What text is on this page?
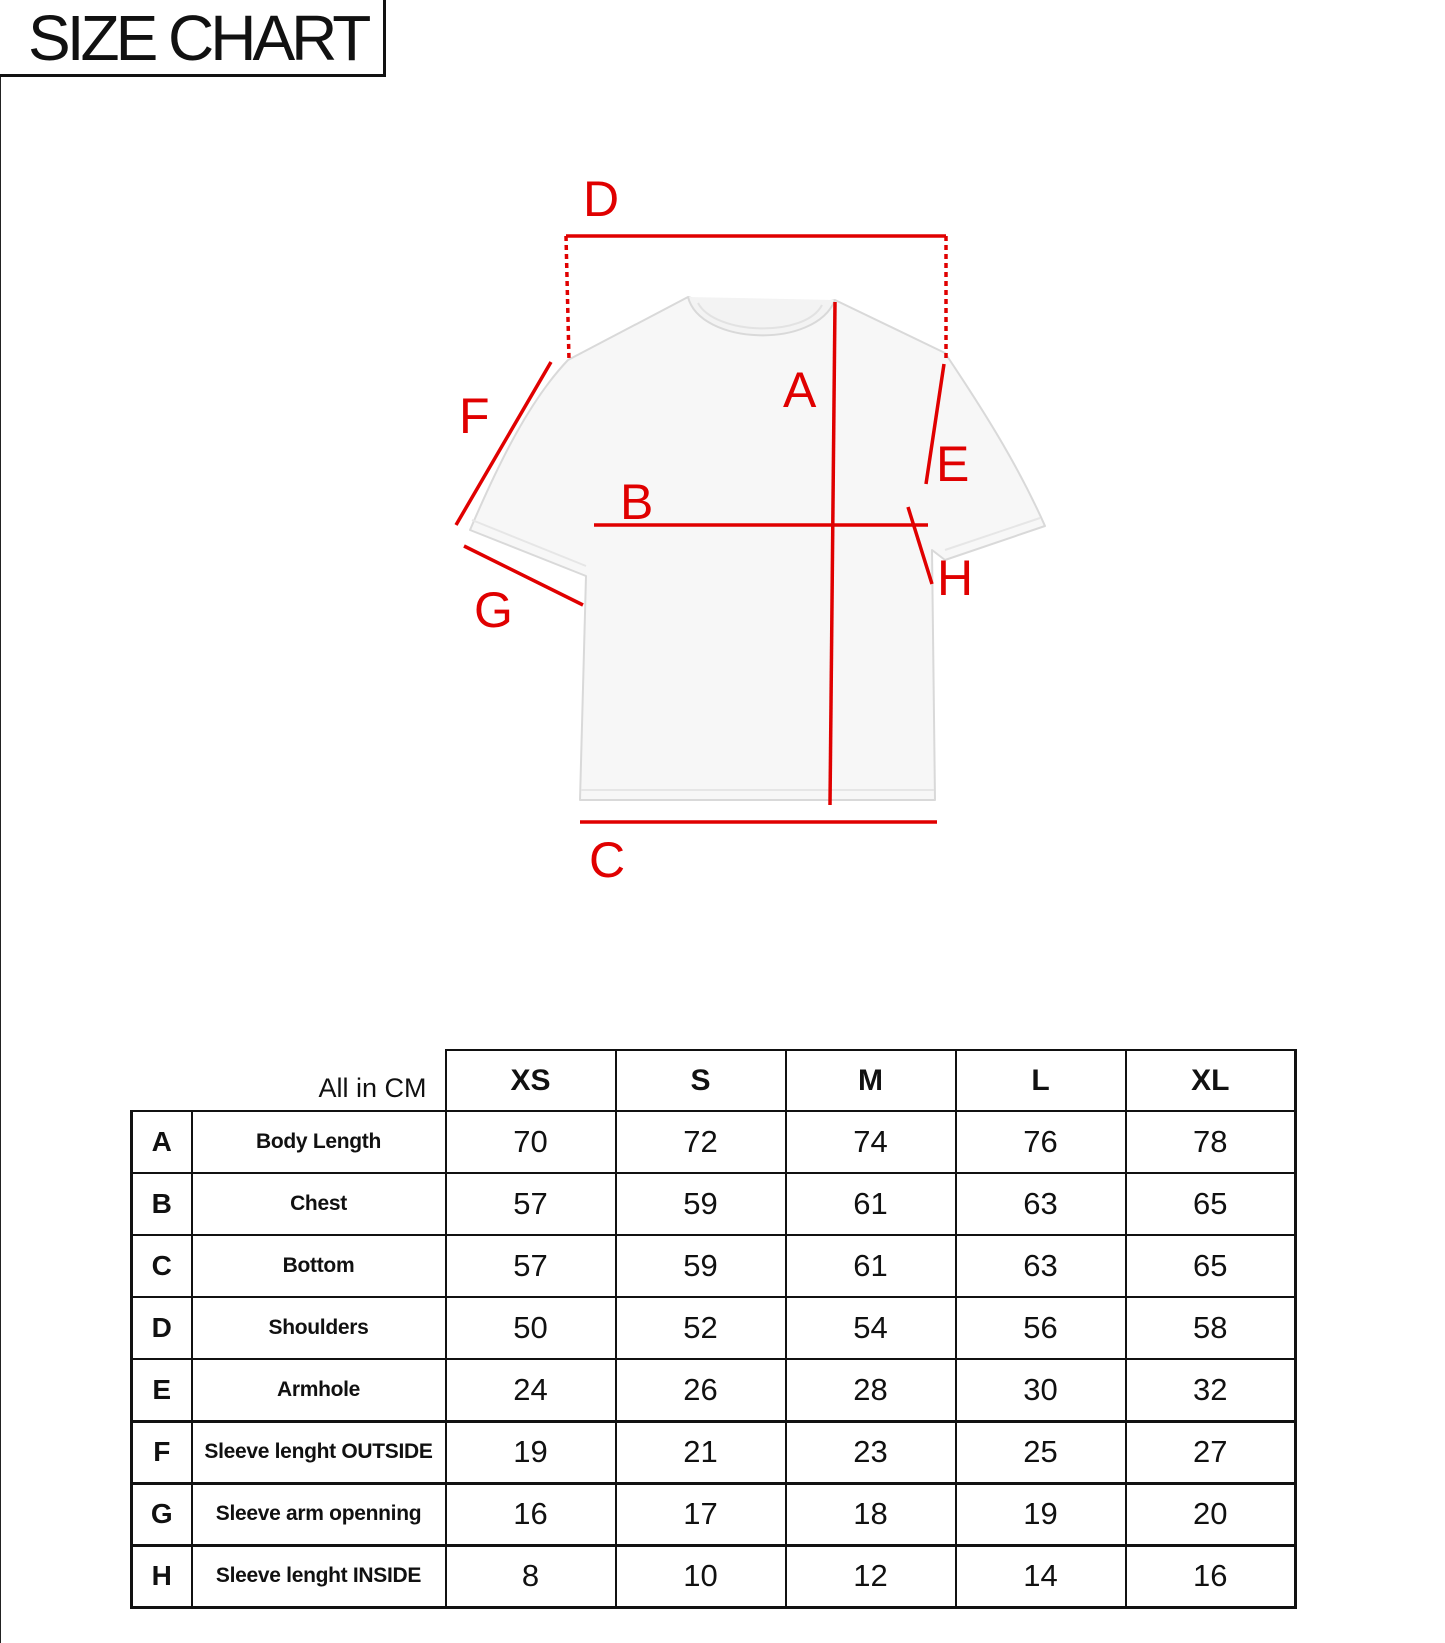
SIZE CHART
D
A
F
E
B
H
G
C
All in CM		XS	S	M	L	XL
A	Body Length	70	72	74	76	78
B	Chest	57	59	61	63	65
C	Bottom	57	59	61	63	65
D	Shoulders	50	52	54	56	58
E	Armhole	24	26	28	30	32
F	Sleeve lenght OUTSIDE	19	21	23	25	27
G	Sleeve arm openning	16	17	18	19	20
H	Sleeve lenght INSIDE	8	10	12	14	16
